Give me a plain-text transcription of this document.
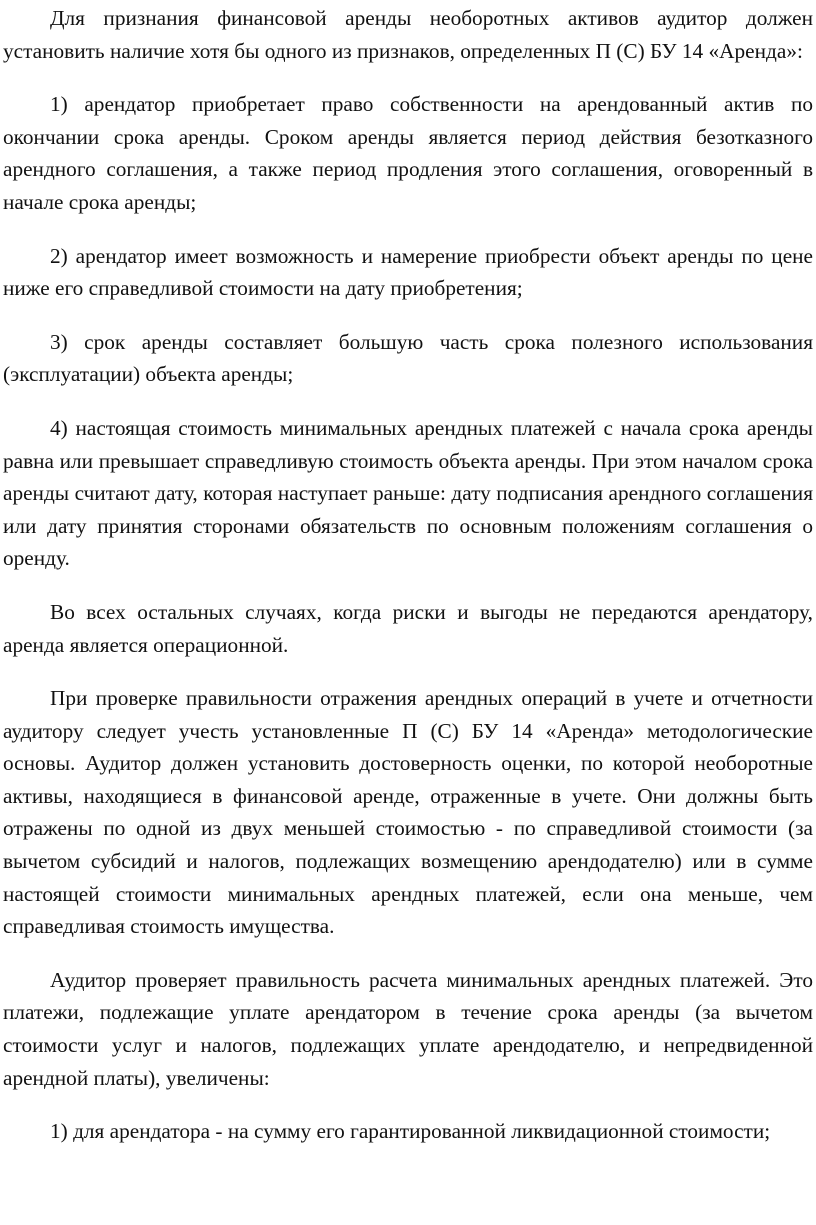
Для признания финансовой аренды необоротных активов аудитор должен установить наличие хотя бы одного из признаков, определенных П (С) БУ 14 «Аренда»:

1) арендатор приобретает право собственности на арендованный актив по окончании срока аренды. Сроком аренды является период действия безотказного арендного соглашения, а также период продления этого соглашения, оговоренный в начале срока аренды;

2) арендатор имеет возможность и намерение приобрести объект аренды по цене ниже его справедливой стоимости на дату приобретения;

3) срок аренды составляет большую часть срока полезного использования (эксплуатации) объекта аренды;

4) настоящая стоимость минимальных арендных платежей с начала срока аренды равна или превышает справедливую стоимость объекта аренды. При этом началом срока аренды считают дату, которая наступает раньше: дату подписания арендного соглашения или дату принятия сторонами обязательств по основным положениям соглашения о оренду.

Во всех остальных случаях, когда риски и выгоды не передаются арендатору, аренда является операционной.

При проверке правильности отражения арендных операций в учете и отчетности аудитору следует учесть установленные П (С) БУ 14 «Аренда» методологические основы. Аудитор должен установить достоверность оценки, по которой необоротные активы, находящиеся в финансовой аренде, отраженные в учете. Они должны быть отражены по одной из двух меньшей стоимостью - по справедливой стоимости (за вычетом субсидий и налогов, подлежащих возмещению арендодателю) или в сумме настоящей стоимости минимальных арендных платежей, если она меньше, чем справедливая стоимость имущества.

Аудитор проверяет правильность расчета минимальных арендных платежей. Это платежи, подлежащие уплате арендатором в течение срока аренды (за вычетом стоимости услуг и налогов, подлежащих уплате арендодателю, и непредвиденной арендной платы), увеличены:

1) для арендатора - на сумму его гарантированной ликвидационной стоимости;
